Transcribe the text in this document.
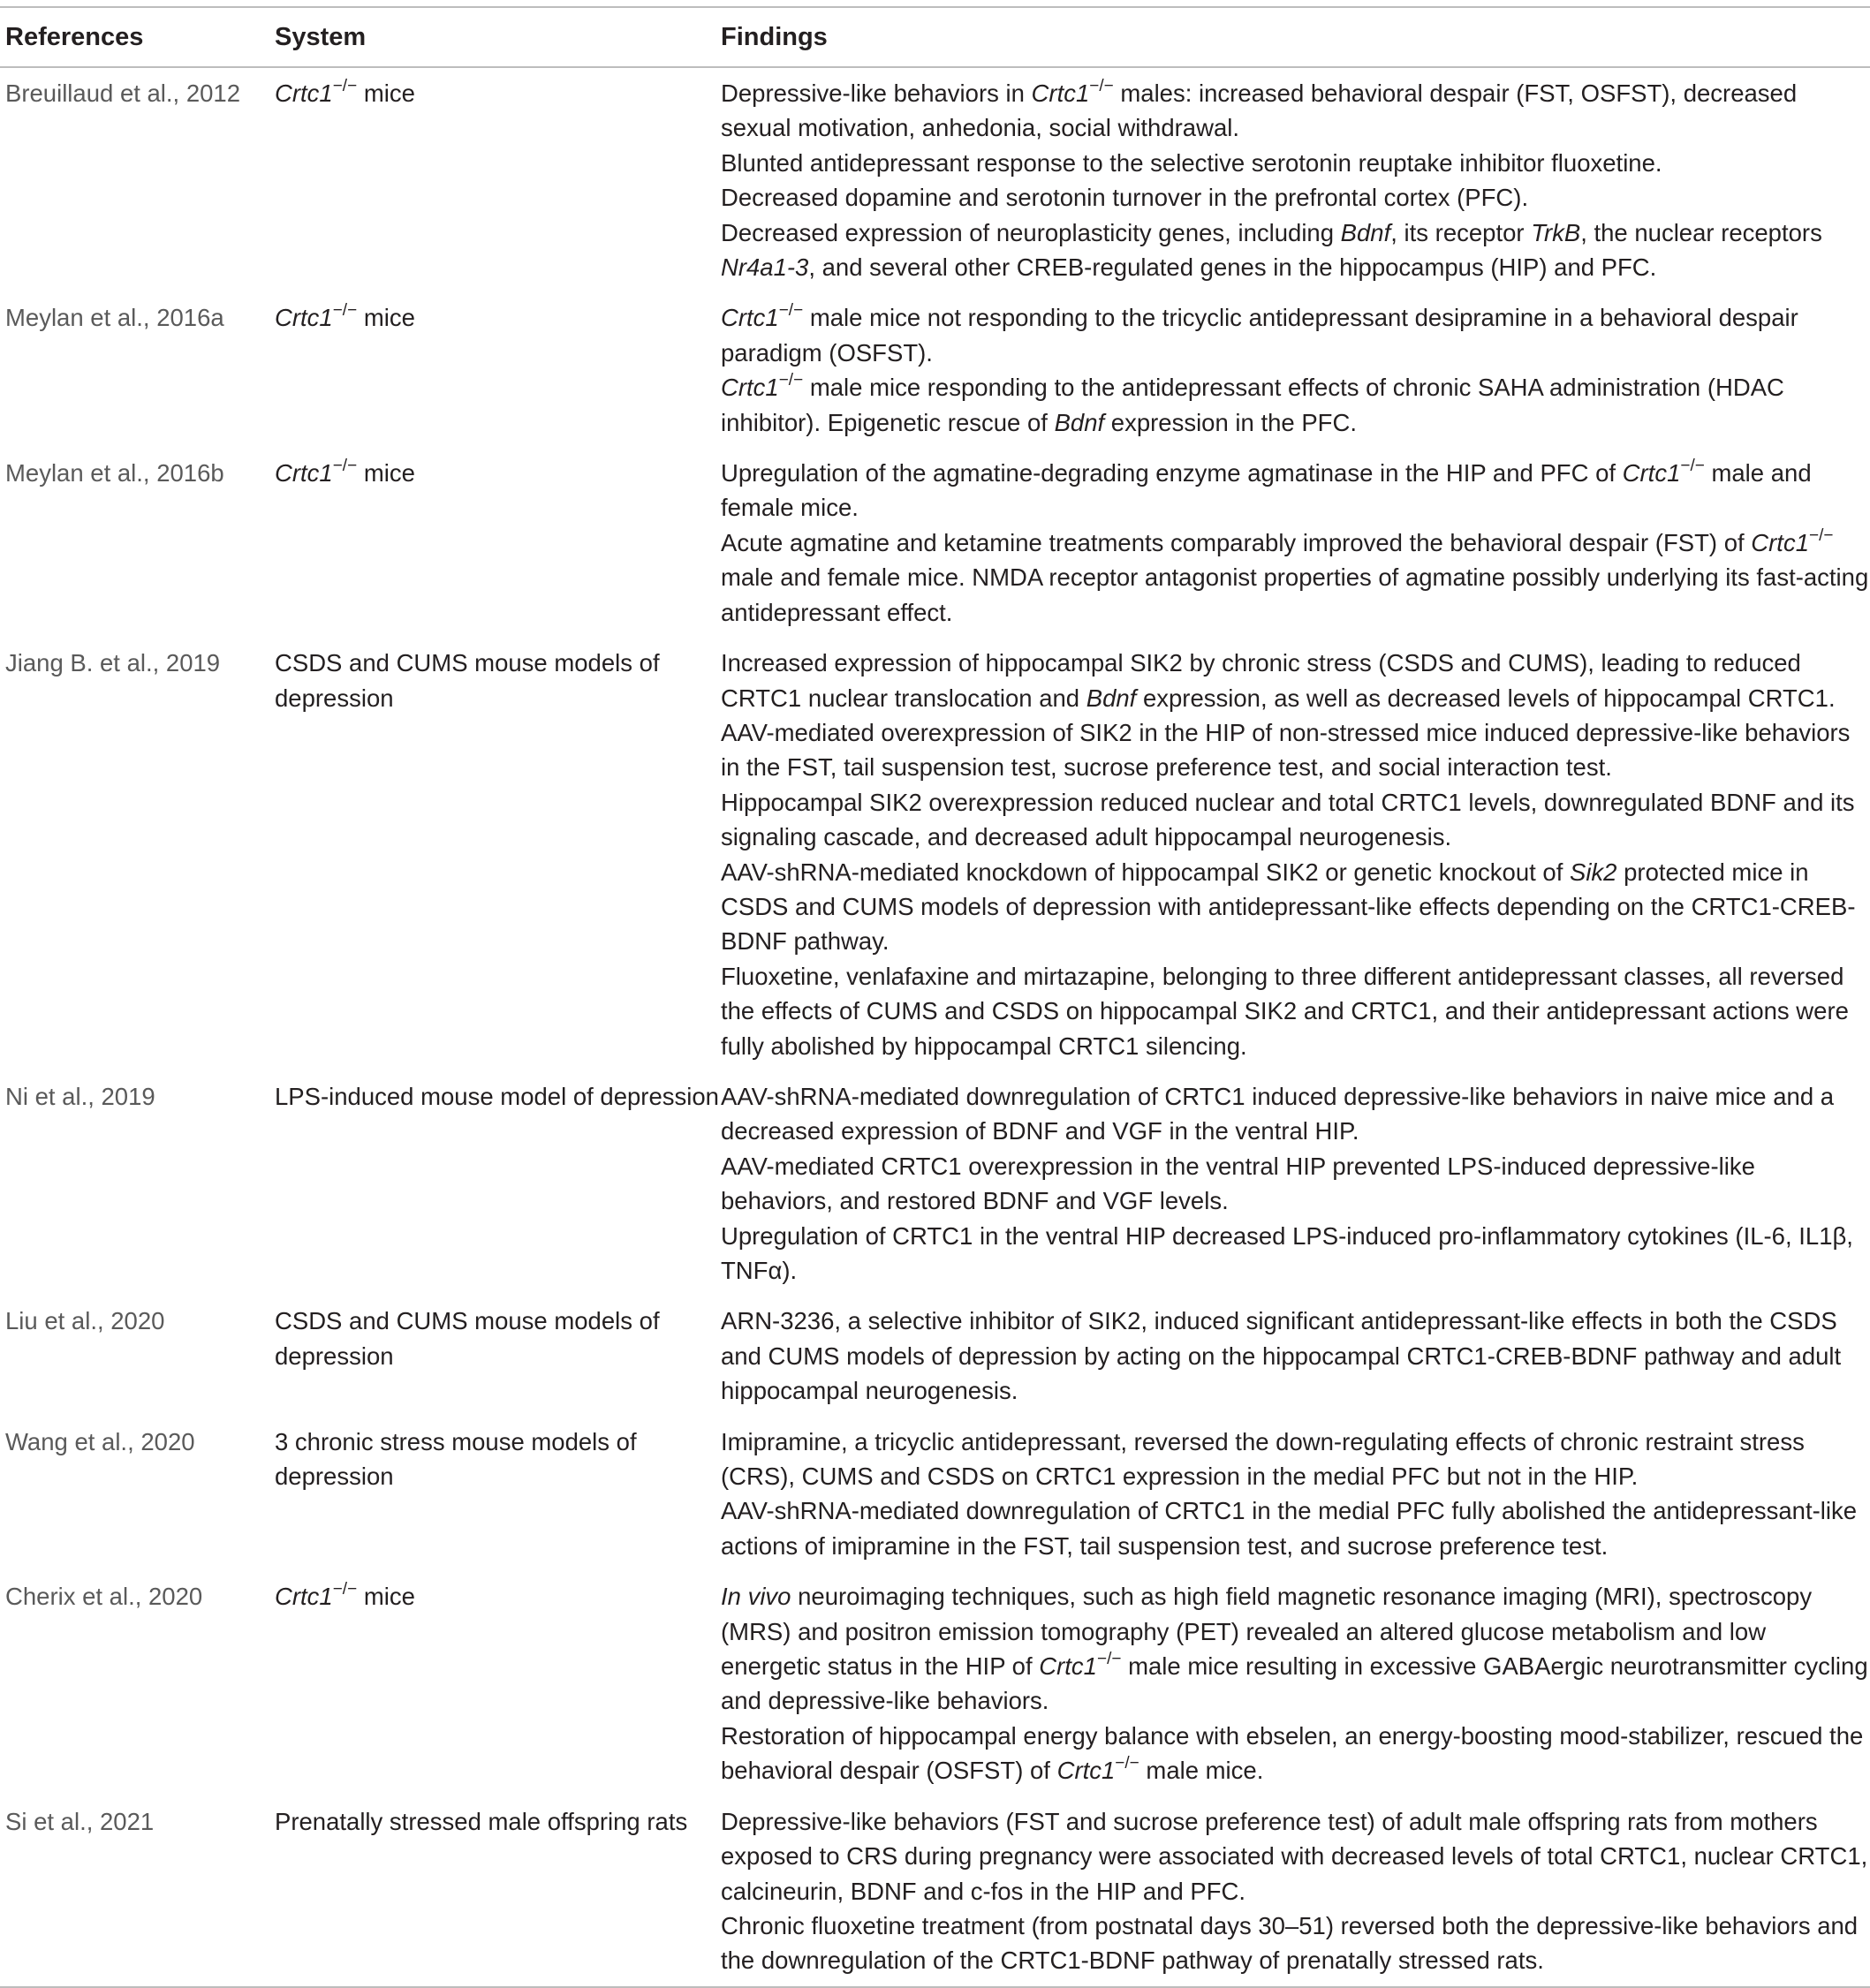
References	System	Findings
Breuillaud et al., 2012	Crtc1−/− mice	Depressive-like behaviors in Crtc1−/− males: increased behavioral despair (FST, OSFST), decreased sexual motivation, anhedonia, social withdrawal.
Blunted antidepressant response to the selective serotonin reuptake inhibitor fluoxetine.
Decreased dopamine and serotonin turnover in the prefrontal cortex (PFC).
Decreased expression of neuroplasticity genes, including Bdnf, its receptor TrkB, the nuclear receptors Nr4a1-3, and several other CREB-regulated genes in the hippocampus (HIP) and PFC.

Meylan et al., 2016a	Crtc1−/− mice	Crtc1−/− male mice not responding to the tricyclic antidepressant desipramine in a behavioral despair paradigm (OSFST).
Crtc1−/− male mice responding to the antidepressant effects of chronic SAHA administration (HDAC inhibitor). Epigenetic rescue of Bdnf expression in the PFC.

Meylan et al., 2016b	Crtc1−/− mice	Upregulation of the agmatine-degrading enzyme agmatinase in the HIP and PFC of Crtc1−/− male and female mice.
Acute agmatine and ketamine treatments comparably improved the behavioral despair (FST) of Crtc1−/− male and female mice. NMDA receptor antagonist properties of agmatine possibly underlying its fast-acting antidepressant effect.

Jiang B. et al., 2019	CSDS and CUMS mouse models of depression	Increased expression of hippocampal SIK2 by chronic stress (CSDS and CUMS), leading to reduced CRTC1 nuclear translocation and Bdnf expression, as well as decreased levels of hippocampal CRTC1.
AAV-mediated overexpression of SIK2 in the HIP of non-stressed mice induced depressive-like behaviors in the FST, tail suspension test, sucrose preference test, and social interaction test.
Hippocampal SIK2 overexpression reduced nuclear and total CRTC1 levels, downregulated BDNF and its signaling cascade, and decreased adult hippocampal neurogenesis.
AAV-shRNA-mediated knockdown of hippocampal SIK2 or genetic knockout of Sik2 protected mice in CSDS and CUMS models of depression with antidepressant-like effects depending on the CRTC1-CREB-BDNF pathway.
Fluoxetine, venlafaxine and mirtazapine, belonging to three different antidepressant classes, all reversed the effects of CUMS and CSDS on hippocampal SIK2 and CRTC1, and their antidepressant actions were fully abolished by hippocampal CRTC1 silencing.

Ni et al., 2019	LPS-induced mouse model of depression	AAV-shRNA-mediated downregulation of CRTC1 induced depressive-like behaviors in naive mice and a decreased expression of BDNF and VGF in the ventral HIP.
AAV-mediated CRTC1 overexpression in the ventral HIP prevented LPS-induced depressive-like behaviors, and restored BDNF and VGF levels.
Upregulation of CRTC1 in the ventral HIP decreased LPS-induced pro-inflammatory cytokines (IL-6, IL1β, TNFα).

Liu et al., 2020	CSDS and CUMS mouse models of depression	ARN-3236, a selective inhibitor of SIK2, induced significant antidepressant-like effects in both the CSDS and CUMS models of depression by acting on the hippocampal CRTC1-CREB-BDNF pathway and adult hippocampal neurogenesis.

Wang et al., 2020	3 chronic stress mouse models of depression	Imipramine, a tricyclic antidepressant, reversed the down-regulating effects of chronic restraint stress (CRS), CUMS and CSDS on CRTC1 expression in the medial PFC but not in the HIP.
AAV-shRNA-mediated downregulation of CRTC1 in the medial PFC fully abolished the antidepressant-like actions of imipramine in the FST, tail suspension test, and sucrose preference test.

Cherix et al., 2020	Crtc1−/− mice	In vivo neuroimaging techniques, such as high field magnetic resonance imaging (MRI), spectroscopy (MRS) and positron emission tomography (PET) revealed an altered glucose metabolism and low energetic status in the HIP of Crtc1−/− male mice resulting in excessive GABAergic neurotransmitter cycling and depressive-like behaviors.
Restoration of hippocampal energy balance with ebselen, an energy-boosting mood-stabilizer, rescued the behavioral despair (OSFST) of Crtc1−/− male mice.

Si et al., 2021	Prenatally stressed male offspring rats	Depressive-like behaviors (FST and sucrose preference test) of adult male offspring rats from mothers exposed to CRS during pregnancy were associated with decreased levels of total CRTC1, nuclear CRTC1, calcineurin, BDNF and c-fos in the HIP and PFC.
Chronic fluoxetine treatment (from postnatal days 30–51) reversed both the depressive-like behaviors and the downregulation of the CRTC1-BDNF pathway of prenatally stressed rats.
